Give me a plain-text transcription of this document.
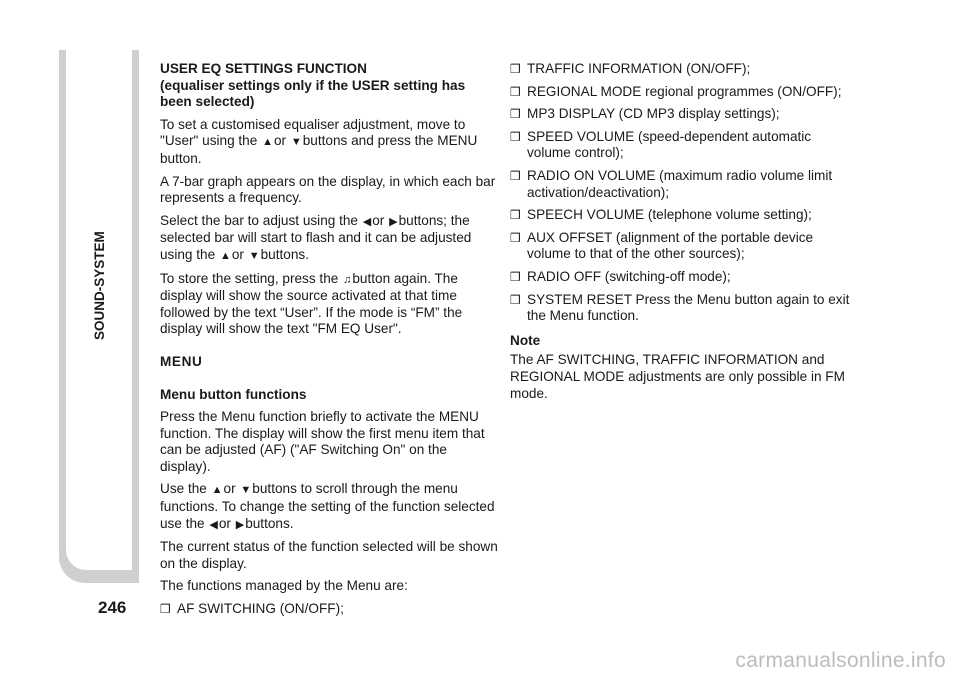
SOUND-SYSTEM
246
USER EQ SETTINGS FUNCTION
(equaliser settings only if the USER setting has been selected)

To set a customised equaliser adjustment, move to "User" using the ▲or ▼buttons and press the MENU button.

A 7-bar graph appears on the display, in which each bar represents a frequency.

Select the bar to adjust using the ◀or ▶buttons; the selected bar will start to flash and it can be adjusted using the ▲or ▼buttons.

To store the setting, press the ♫button again. The display will show the source activated at that time followed by the text “User”. If the mode is “FM” the display will show the text "FM EQ User".

MENU
Menu button functions

Press the Menu function briefly to activate the MENU function. The display will show the first menu item that can be adjusted (AF) ("AF Switching On" on the display).

Use the ▲or ▼buttons to scroll through the menu functions. To change the setting of the function selected use the ◀or ▶buttons.

The current status of the function selected will be shown on the display.

The functions managed by the Menu are:

❒ AF SWITCHING (ON/OFF);

❒ TRAFFIC INFORMATION (ON/OFF);

❒ REGIONAL MODE regional programmes (ON/OFF);

❒ MP3 DISPLAY (CD MP3 display settings);

❒ SPEED VOLUME (speed-dependent automatic volume control);

❒ RADIO ON VOLUME (maximum radio volume limit activation/deactivation);

❒ SPEECH VOLUME (telephone volume setting);

❒ AUX OFFSET (alignment of the portable device volume to that of the other sources);

❒ RADIO OFF (switching-off mode);

❒ SYSTEM RESET Press the Menu button again to exit the Menu function.

Note

The AF SWITCHING, TRAFFIC INFORMATION and REGIONAL MODE adjustments are only possible in FM mode.

carmanualsonline.info
